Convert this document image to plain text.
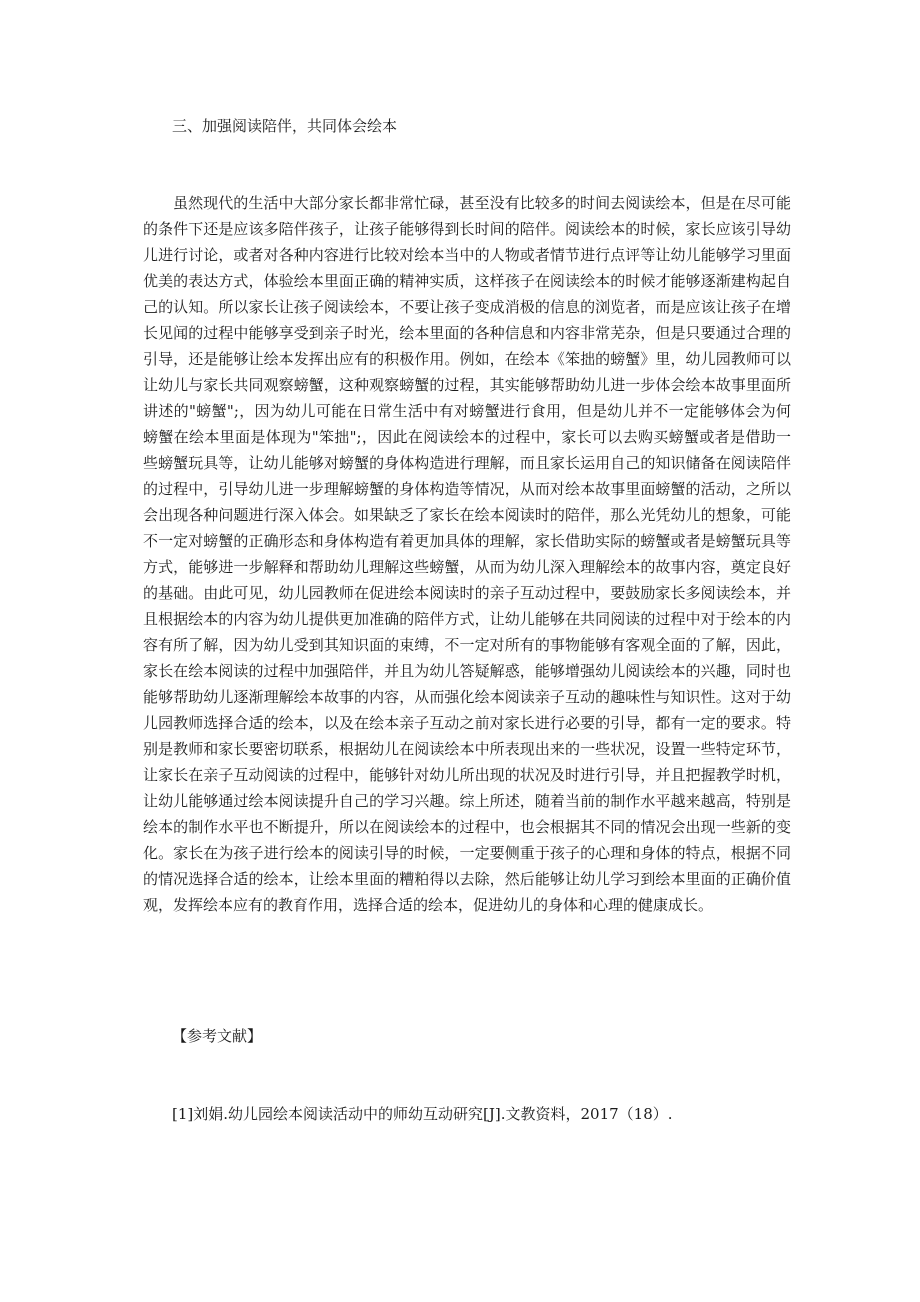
三、加强阅读陪伴，共同体会绘本

虽然现代的生活中大部分家长都非常忙碌，甚至没有比较多的时间去阅读绘本，但是在尽可能的条件下还是应该多陪伴孩子，让孩子能够得到长时间的陪伴。阅读绘本的时候，家长应该引导幼儿进行讨论，或者对各种内容进行比较对绘本当中的人物或者情节进行点评等让幼儿能够学习里面优美的表达方式，体验绘本里面正确的精神实质，这样孩子在阅读绘本的时候才能够逐渐建构起自己的认知。所以家长让孩子阅读绘本，不要让孩子变成消极的信息的浏览者，而是应该让孩子在增长见闻的过程中能够享受到亲子时光，绘本里面的各种信息和内容非常芜杂，但是只要通过合理的引导，还是能够让绘本发挥出应有的积极作用。例如，在绘本《笨拙的螃蟹》里，幼儿园教师可以让幼儿与家长共同观察螃蟹，这种观察螃蟹的过程，其实能够帮助幼儿进一步体会绘本故事里面所讲述的"螃蟹";，因为幼儿可能在日常生活中有对螃蟹进行食用，但是幼儿并不一定能够体会为何螃蟹在绘本里面是体现为"笨拙";，因此在阅读绘本的过程中，家长可以去购买螃蟹或者是借助一些螃蟹玩具等，让幼儿能够对螃蟹的身体构造进行理解，而且家长运用自己的知识储备在阅读陪伴的过程中，引导幼儿进一步理解螃蟹的身体构造等情况，从而对绘本故事里面螃蟹的活动，之所以会出现各种问题进行深入体会。如果缺乏了家长在绘本阅读时的陪伴，那么光凭幼儿的想象，可能不一定对螃蟹的正确形态和身体构造有着更加具体的理解，家长借助实际的螃蟹或者是螃蟹玩具等方式，能够进一步解释和帮助幼儿理解这些螃蟹，从而为幼儿深入理解绘本的故事内容，奠定良好的基础。由此可见，幼儿园教师在促进绘本阅读时的亲子互动过程中，要鼓励家长多阅读绘本，并且根据绘本的内容为幼儿提供更加准确的陪伴方式，让幼儿能够在共同阅读的过程中对于绘本的内容有所了解，因为幼儿受到其知识面的束缚，不一定对所有的事物能够有客观全面的了解，因此，家长在绘本阅读的过程中加强陪伴，并且为幼儿答疑解惑，能够增强幼儿阅读绘本的兴趣，同时也能够帮助幼儿逐渐理解绘本故事的内容，从而强化绘本阅读亲子互动的趣味性与知识性。这对于幼儿园教师选择合适的绘本，以及在绘本亲子互动之前对家长进行必要的引导，都有一定的要求。特别是教师和家长要密切联系，根据幼儿在阅读绘本中所表现出来的一些状况，设置一些特定环节，让家长在亲子互动阅读的过程中，能够针对幼儿所出现的状况及时进行引导，并且把握教学时机，让幼儿能够通过绘本阅读提升自己的学习兴趣。综上所述，随着当前的制作水平越来越高，特别是绘本的制作水平也不断提升，所以在阅读绘本的过程中，也会根据其不同的情况会出现一些新的变化。家长在为孩子进行绘本的阅读引导的时候，一定要侧重于孩子的心理和身体的特点，根据不同的情况选择合适的绘本，让绘本里面的糟粕得以去除，然后能够让幼儿学习到绘本里面的正确价值观，发挥绘本应有的教育作用，选择合适的绘本，促进幼儿的身体和心理的健康成长。

【参考文献】
[1]刘娟.幼儿园绘本阅读活动中的师幼互动研究[J].文教资料，2017（18）.
